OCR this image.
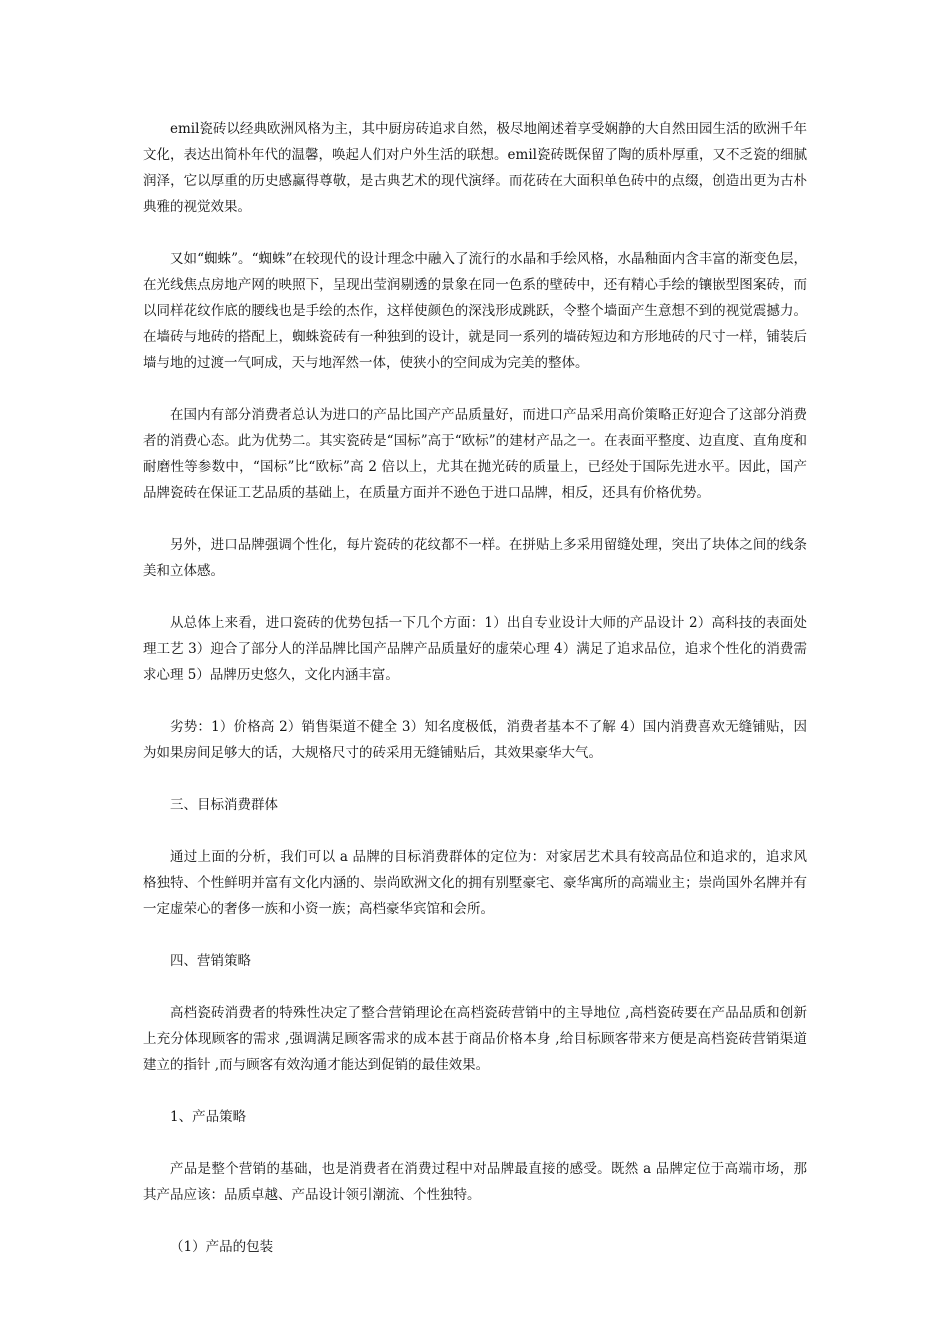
emil瓷砖以经典欧洲风格为主，其中厨房砖追求自然，极尽地阐述着享受娴静的大自然田园生活的欧洲千年文化，表达出简朴年代的温馨，唤起人们对户外生活的联想。emil瓷砖既保留了陶的质朴厚重，又不乏瓷的细腻润泽，它以厚重的历史感赢得尊敬，是古典艺术的现代演绎。而花砖在大面积单色砖中的点缀，创造出更为古朴典雅的视觉效果。

又如“蜘蛛”。“蜘蛛”在较现代的设计理念中融入了流行的水晶和手绘风格，水晶釉面内含丰富的渐变色层，在光线焦点房地产网的映照下，呈现出莹润剔透的景象在同一色系的壁砖中，还有精心手绘的镶嵌型图案砖，而以同样花纹作底的腰线也是手绘的杰作，这样使颜色的深浅形成跳跃，令整个墙面产生意想不到的视觉震撼力。在墙砖与地砖的搭配上，蜘蛛瓷砖有一种独到的设计，就是同一系列的墙砖短边和方形地砖的尺寸一样，铺装后墙与地的过渡一气呵成，天与地浑然一体，使狭小的空间成为完美的整体。

在国内有部分消费者总认为进口的产品比国产产品质量好，而进口产品采用高价策略正好迎合了这部分消费者的消费心态。此为优势二。其实瓷砖是“国标”高于“欧标”的建材产品之一。在表面平整度、边直度、直角度和耐磨性等参数中，“国标”比“欧标”高 2 倍以上，尤其在抛光砖的质量上，已经处于国际先进水平。因此，国产品牌瓷砖在保证工艺品质的基础上，在质量方面并不逊色于进口品牌，相反，还具有价格优势。

另外，进口品牌强调个性化，每片瓷砖的花纹都不一样。在拼贴上多采用留缝处理，突出了块体之间的线条美和立体感。

从总体上来看，进口瓷砖的优势包括一下几个方面：1）出自专业设计大师的产品设计 2）高科技的表面处理工艺 3）迎合了部分人的洋品牌比国产品牌产品质量好的虚荣心理 4）满足了追求品位，追求个性化的消费需求心理 5）品牌历史悠久，文化内涵丰富。

劣势：1）价格高 2）销售渠道不健全 3）知名度极低，消费者基本不了解 4）国内消费喜欢无缝铺贴，因为如果房间足够大的话，大规格尺寸的砖采用无缝铺贴后，其效果豪华大气。

三、目标消费群体

通过上面的分析，我们可以 a 品牌的目标消费群体的定位为：对家居艺术具有较高品位和追求的，追求风格独特、个性鲜明并富有文化内涵的、崇尚欧洲文化的拥有别墅豪宅、豪华寓所的高端业主；崇尚国外名牌并有一定虚荣心的奢侈一族和小资一族；高档豪华宾馆和会所。

四、营销策略

高档瓷砖消费者的特殊性决定了整合营销理论在高档瓷砖营销中的主导地位 ,高档瓷砖要在产品品质和创新上充分体现顾客的需求 ,强调满足顾客需求的成本甚于商品价格本身 ,给目标顾客带来方便是高档瓷砖营销渠道建立的指针 ,而与顾客有效沟通才能达到促销的最佳效果。

1、产品策略

产品是整个营销的基础，也是消费者在消费过程中对品牌最直接的感受。既然 a 品牌定位于高端市场，那其产品应该：品质卓越、产品设计领引潮流、个性独特。

（1）产品的包装
